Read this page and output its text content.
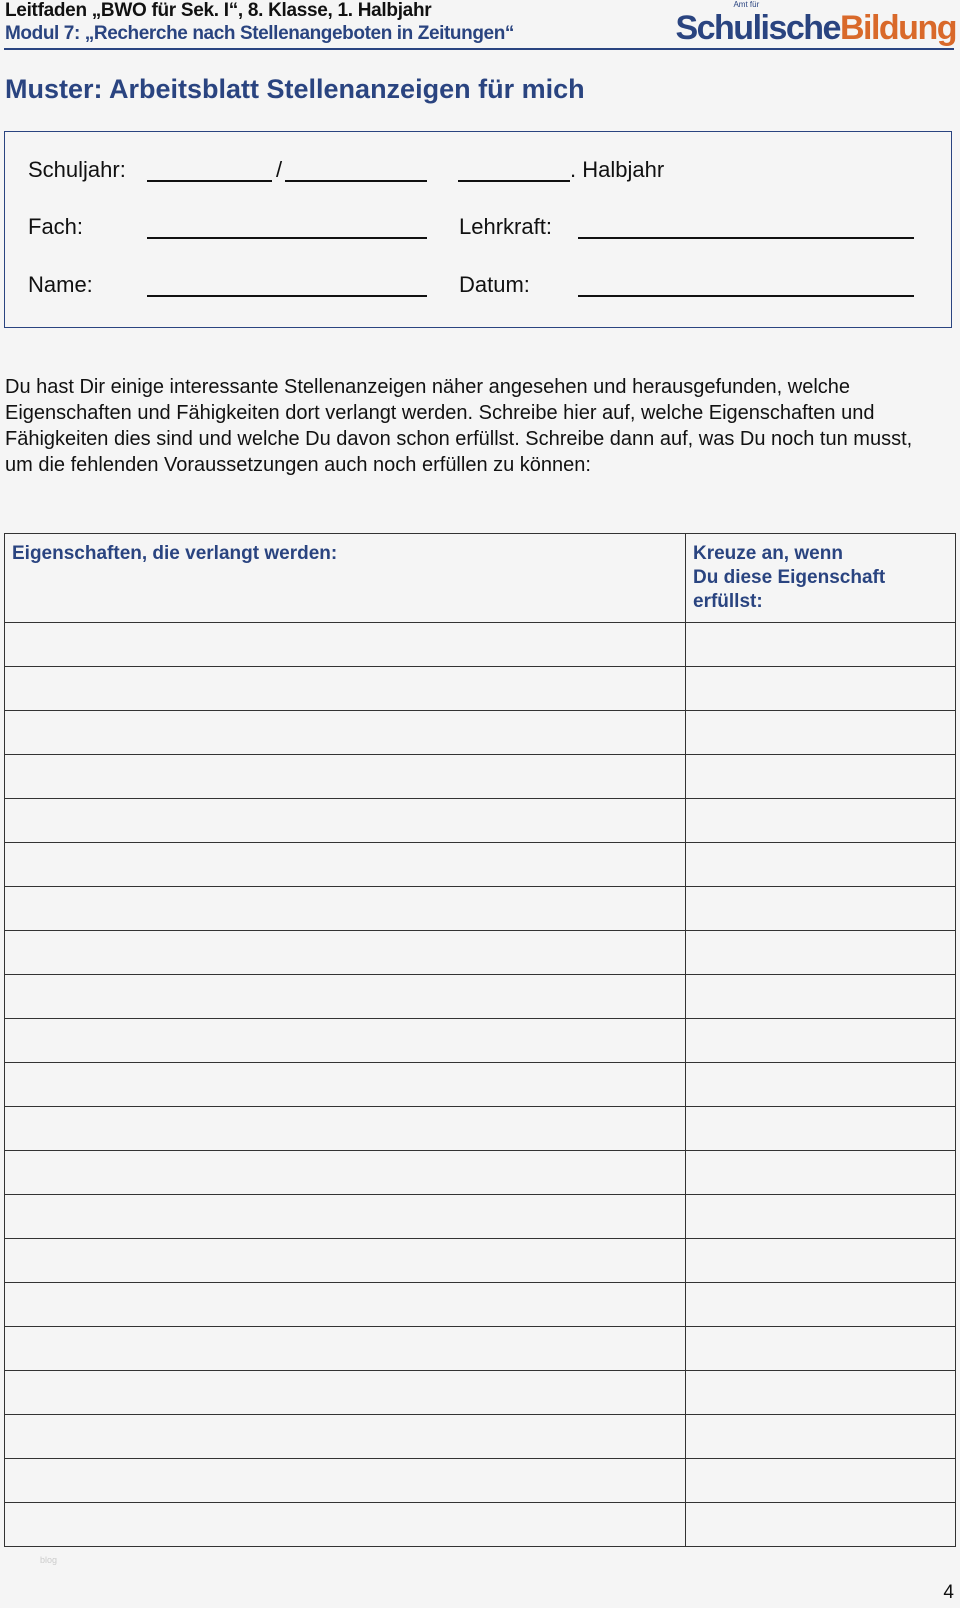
Leitfaden „BWO für Sek. I“, 8. Klasse, 1. Halbjahr
Modul 7: „Recherche nach Stellenangeboten in Zeitungen“
Amt für
SchulischeBildung
Muster: Arbeitsblatt Stellenanzeigen für mich
Schuljahr:	/	. Halbjahr
Fach:	Lehrkraft:
Name:	Datum:
Du hast Dir einige interessante Stellenanzeigen näher angesehen und herausgefunden, welche Eigenschaften und Fähigkeiten dort verlangt werden. Schreibe hier auf, welche Eigenschaften und Fähigkeiten dies sind und welche Du davon schon erfüllst. Schreibe dann auf, was Du noch tun musst, um die fehlenden Voraussetzungen auch noch erfüllen zu können:
Eigenschaften, die verlangt werden:	Kreuze an, wenn
Du diese Eigenschaft
erfüllst:

blog
4
